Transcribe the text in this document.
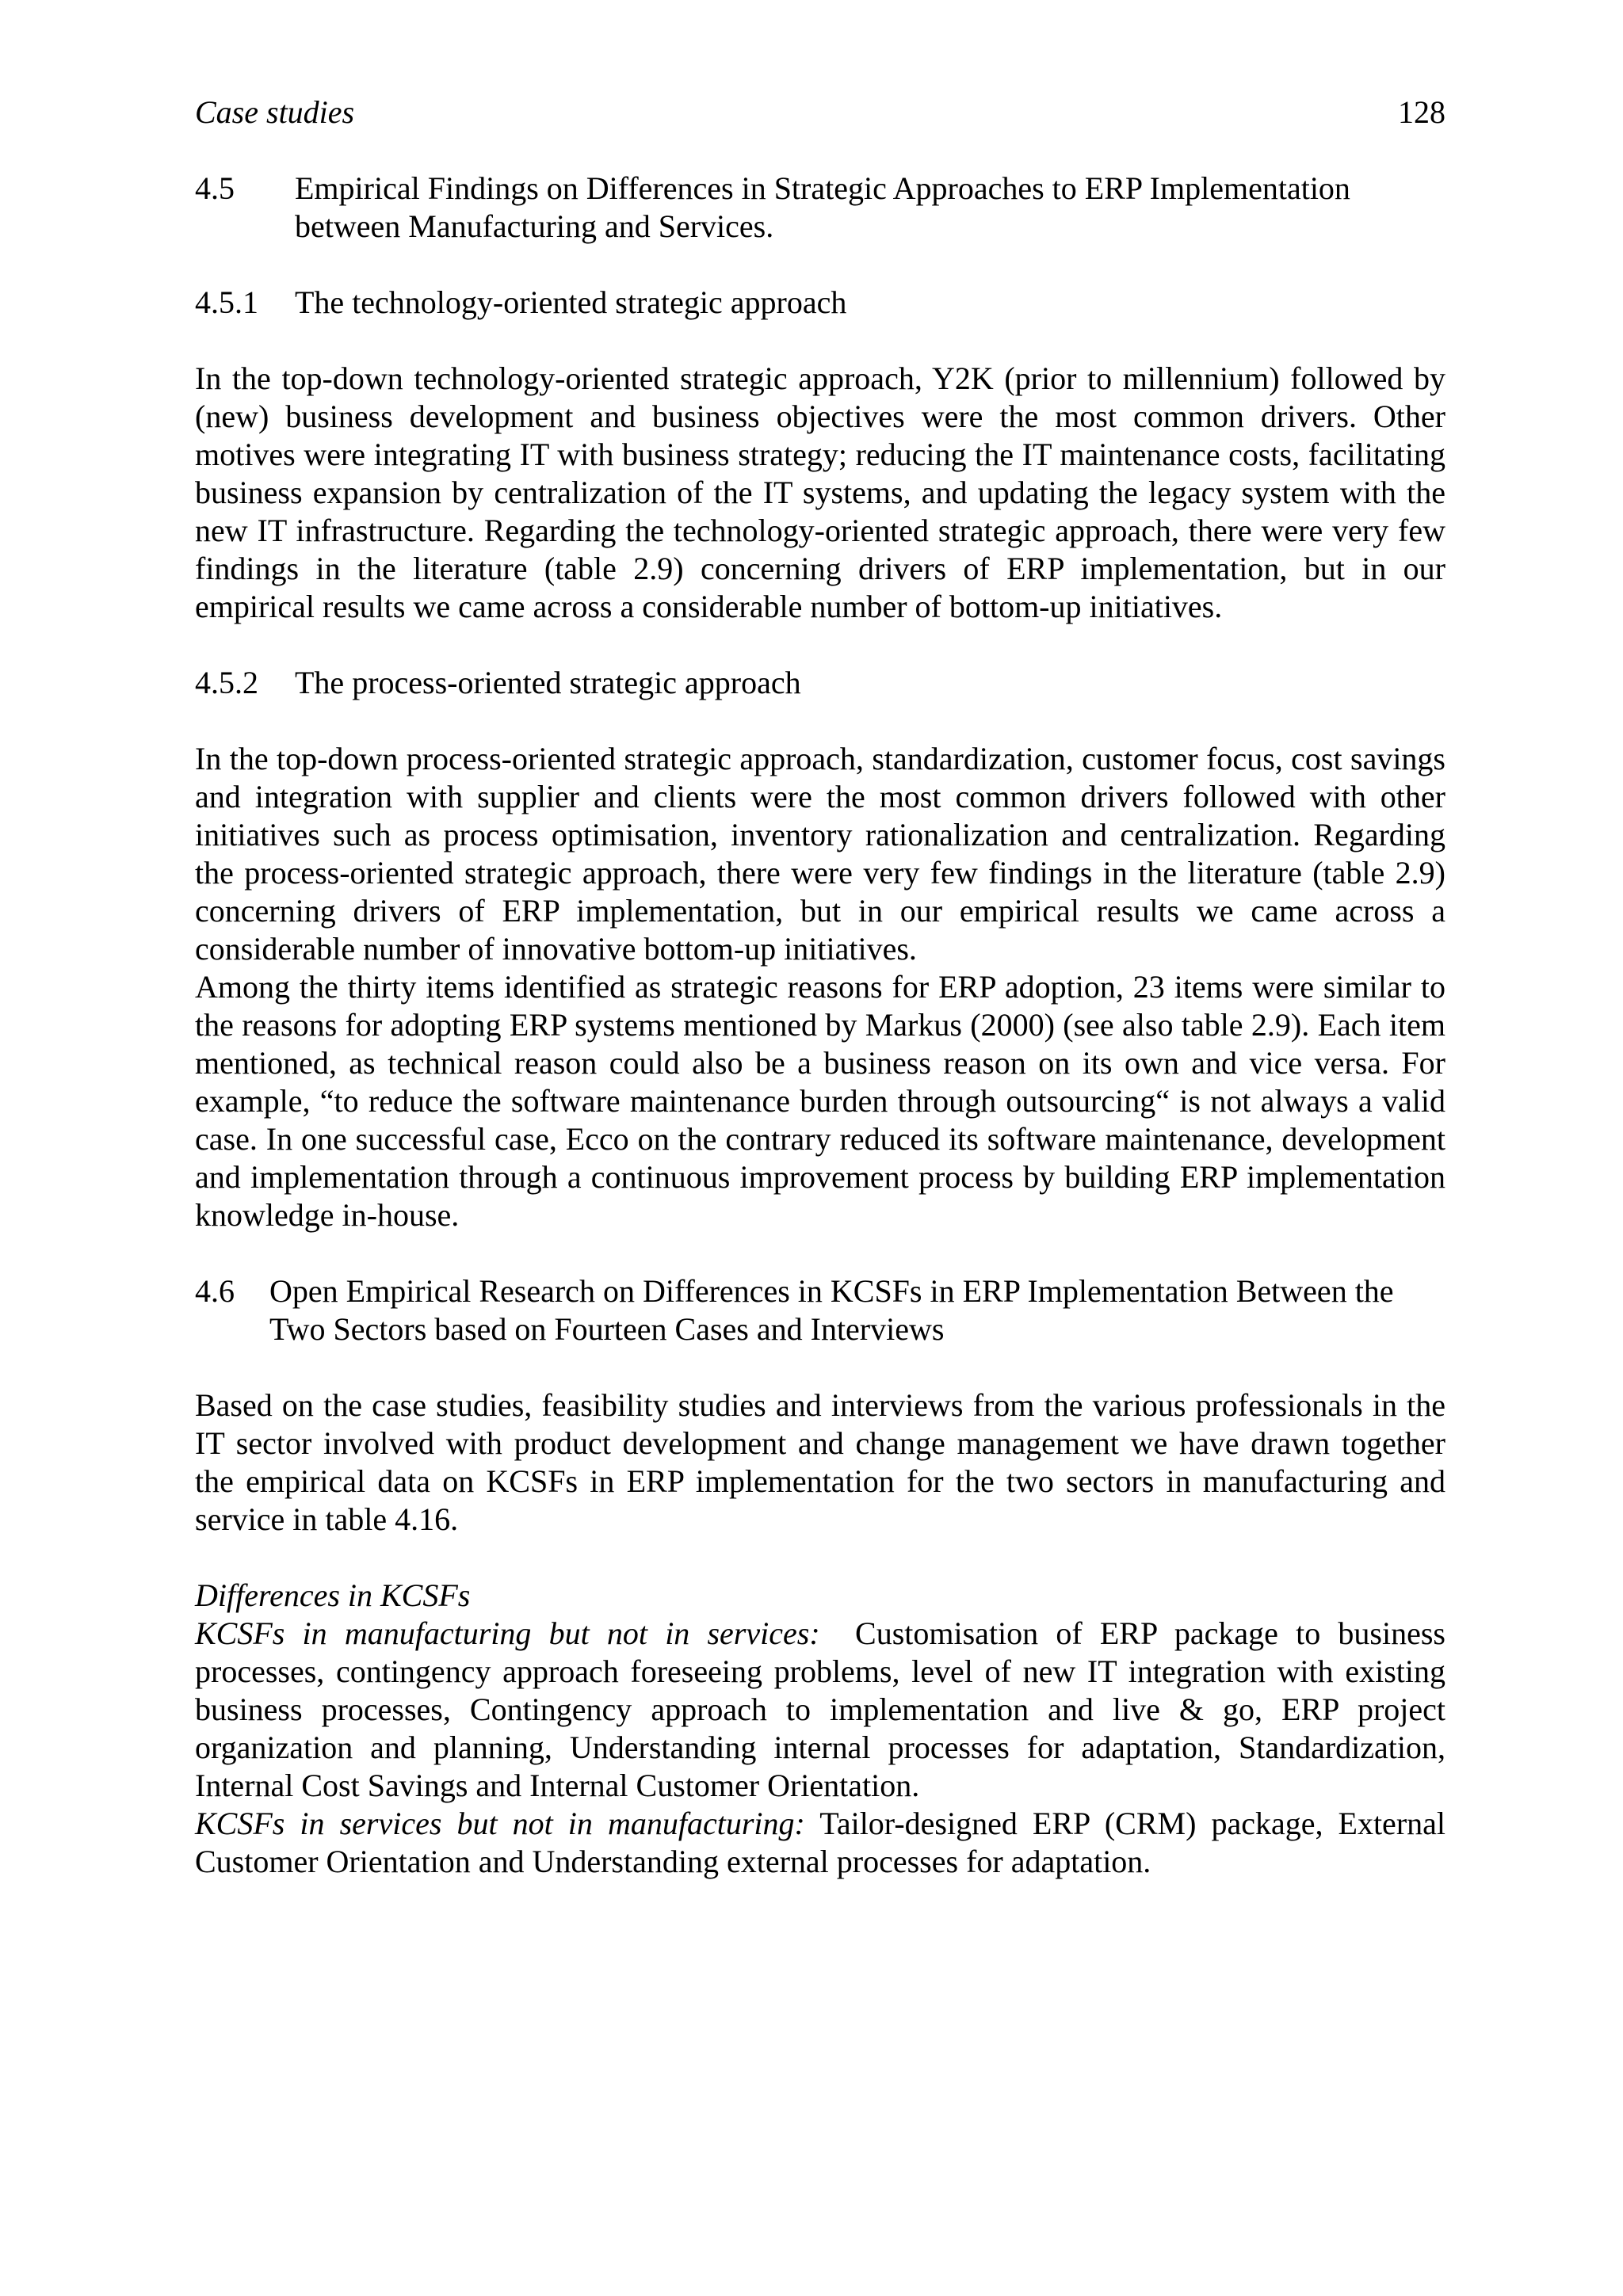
Case studies	128
4.5	Empirical Findings on Differences in Strategic Approaches to ERP Implementation between Manufacturing and Services.
4.5.1	The technology-oriented strategic approach

In the top-down technology-oriented strategic approach, Y2K (prior to millennium) followed by (new) business development and business objectives were the most common drivers. Other motives were integrating IT with business strategy; reducing the IT maintenance costs, facilitating business expansion by centralization of the IT systems, and updating the legacy system with the new IT infrastructure. Regarding the technology-oriented strategic approach, there were very few findings in the literature (table 2.9) concerning drivers of ERP implementation, but in our empirical results we came across a considerable number of bottom-up initiatives.

4.5.2	The process-oriented strategic approach

In the top-down process-oriented strategic approach, standardization, customer focus, cost savings and integration with supplier and clients were the most common drivers followed with other initiatives such as process optimisation, inventory rationalization and centralization. Regarding the process-oriented strategic approach, there were very few findings in the literature (table 2.9) concerning drivers of ERP implementation, but in our empirical results we came across a considerable number of innovative bottom-up initiatives.

Among the thirty items identified as strategic reasons for ERP adoption, 23 items were similar to the reasons for adopting ERP systems mentioned by Markus (2000) (see also table 2.9). Each item mentioned, as technical reason could also be a business reason on its own and vice versa. For example, “to reduce the software maintenance burden through outsourcing“ is not always a valid case. In one successful case, Ecco on the contrary reduced its software maintenance, development and implementation through a continuous improvement process by building ERP implementation knowledge in-house.

4.6	Open Empirical Research on Differences in KCSFs in ERP Implementation Between the Two Sectors based on Fourteen Cases and Interviews

Based on the case studies, feasibility studies and interviews from the various professionals in the IT sector involved with product development and change management we have drawn together the empirical data on KCSFs in ERP implementation for the two sectors in manufacturing and service in table 4.16.

Differences in KCSFs

KCSFs in manufacturing but not in services: Customisation of ERP package to business processes, contingency approach foreseeing problems, level of new IT integration with existing business processes, Contingency approach to implementation and live & go, ERP project organization and planning, Understanding internal processes for adaptation, Standardization, Internal Cost Savings and Internal Customer Orientation.

KCSFs in services but not in manufacturing: Tailor-designed ERP (CRM) package, External Customer Orientation and Understanding external processes for adaptation.
